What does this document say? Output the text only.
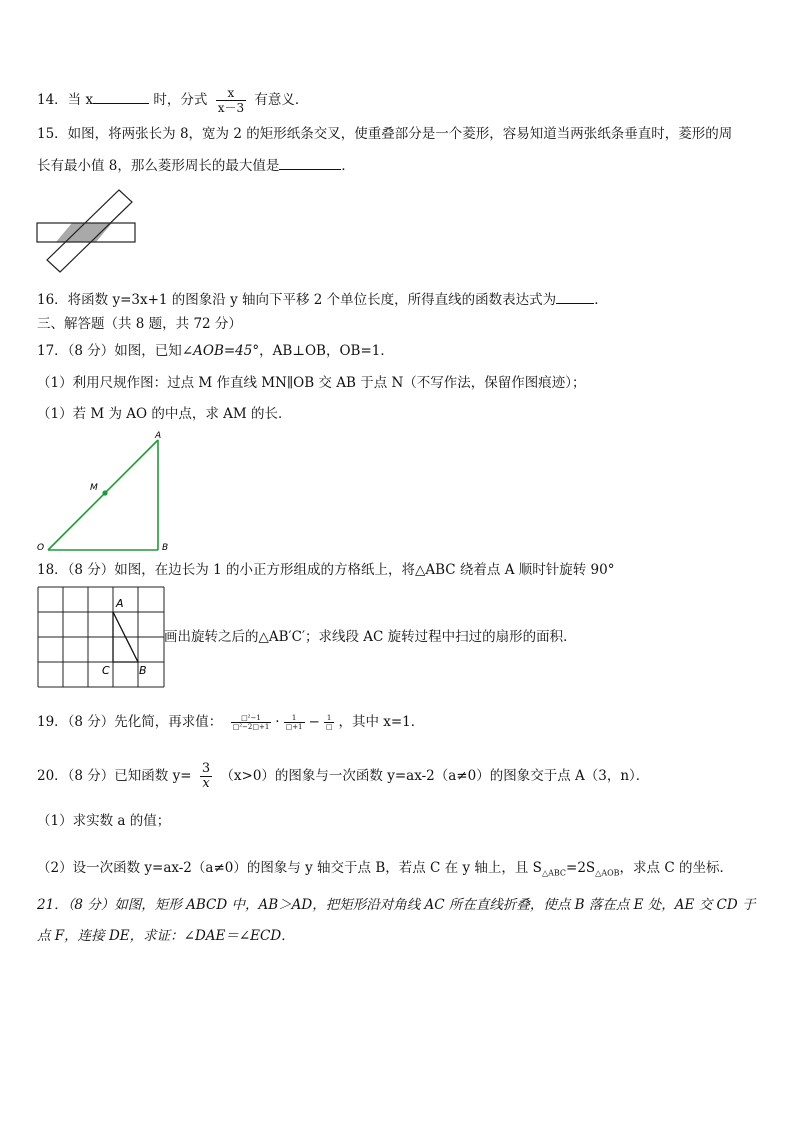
14．当 x	时，分式 $\frac{x}{x-3}$ 有意义．
15．如图，将两张长为 8，宽为 2 的矩形纸条交叉，使重叠部分是一个菱形，容易知道当两张纸条垂直时，菱形的周
长有最小值 8，那么菱形周长的最大值是	．
16．将函数 y=3x+1 的图象沿 y 轴向下平移 2 个单位长度，所得直线的函数表达式为	．
三、解答题（共 8 题，共 72 分）
17．（8 分）如图，已知∠AOB=45°，AB⊥OB，OB=1．
（1）利用尺规作图：过点 M 作直线 MN∥OB 交 AB 于点 N（不写作法，保留作图痕迹）；
（1）若 M 为 AO 的中点，求 AM 的长．
A
B
O
M
18．（8 分）如图，在边长为 1 的小正方形组成的方格纸上，将△ABC 绕着点 A 顺时针旋转 90°
A
C	B
画出旋转之后的△AB′C′；求线段 AC 旋转过程中扫过的扇形的面积．
19．（8 分）先化简，再求值： $\frac{\text{□²−1}}{\text{□²−2□+1}} \cdot \frac{1}{□+1} - \frac{1}{□}$ ，其中 x=1．
20．（8 分）已知函数 $y= \frac{3}{x} (x>0)$的图象与一次函数 y=ax-2（a≠0）的图象交于点 A（3，n）．
（1）求实数 a 的值；
（2）设一次函数 y=ax-2（a≠0）的图象与 y 轴交于点 B，若点 C 在 y 轴上，且 $S_{\triangle ABC}=2S_{\triangle AOB}$，求点 C 的坐标．
21．（8 分）如图，矩形 ABCD 中，AB＞AD，把矩形沿对角线 AC 所在直线折叠，使点 B 落在点 E 处，AE 交 CD 于
点 F，连接 DE，求证：∠DAE＝∠ECD．
